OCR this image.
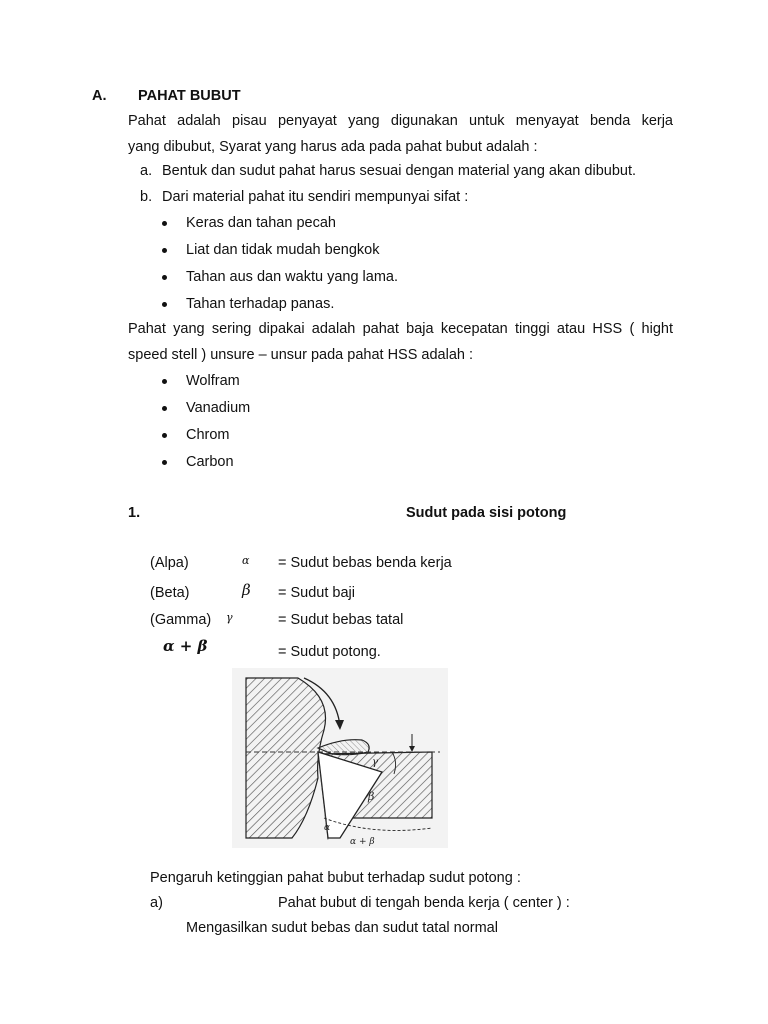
A. PAHAT BUBUT
Pahat adalah pisau penyayat yang digunakan untuk menyayat benda kerja
yang dibubut, Syarat yang harus ada pada pahat bubut adalah :
a. Bentuk dan sudut pahat harus sesuai dengan material yang akan dibubut.
b. Dari material pahat itu sendiri mempunyai sifat :
Keras dan tahan pecah
Liat dan tidak mudah bengkok
Tahan aus dan waktu yang lama.
Tahan terhadap panas.
Pahat yang sering dipakai adalah pahat baja kecepatan tinggi atau HSS ( hight
speed stell ) unsure – unsur pada pahat HSS adalah :
Wolfram
Vanadium
Chrom
Carbon
1.	Sudut pada sisi potong
(Alpa)	α = Sudut bebas benda kerja
(Beta)	β = Sudut baji
(Gamma) γ	= Sudut bebas tatal
α + β	= Sudut potong.
γ
β
α
α + β
Pengaruh ketinggian pahat bubut terhadap sudut potong :
a)	Pahat bubut di tengah benda kerja ( center ) :
Mengasilkan sudut bebas dan sudut tatal normal
